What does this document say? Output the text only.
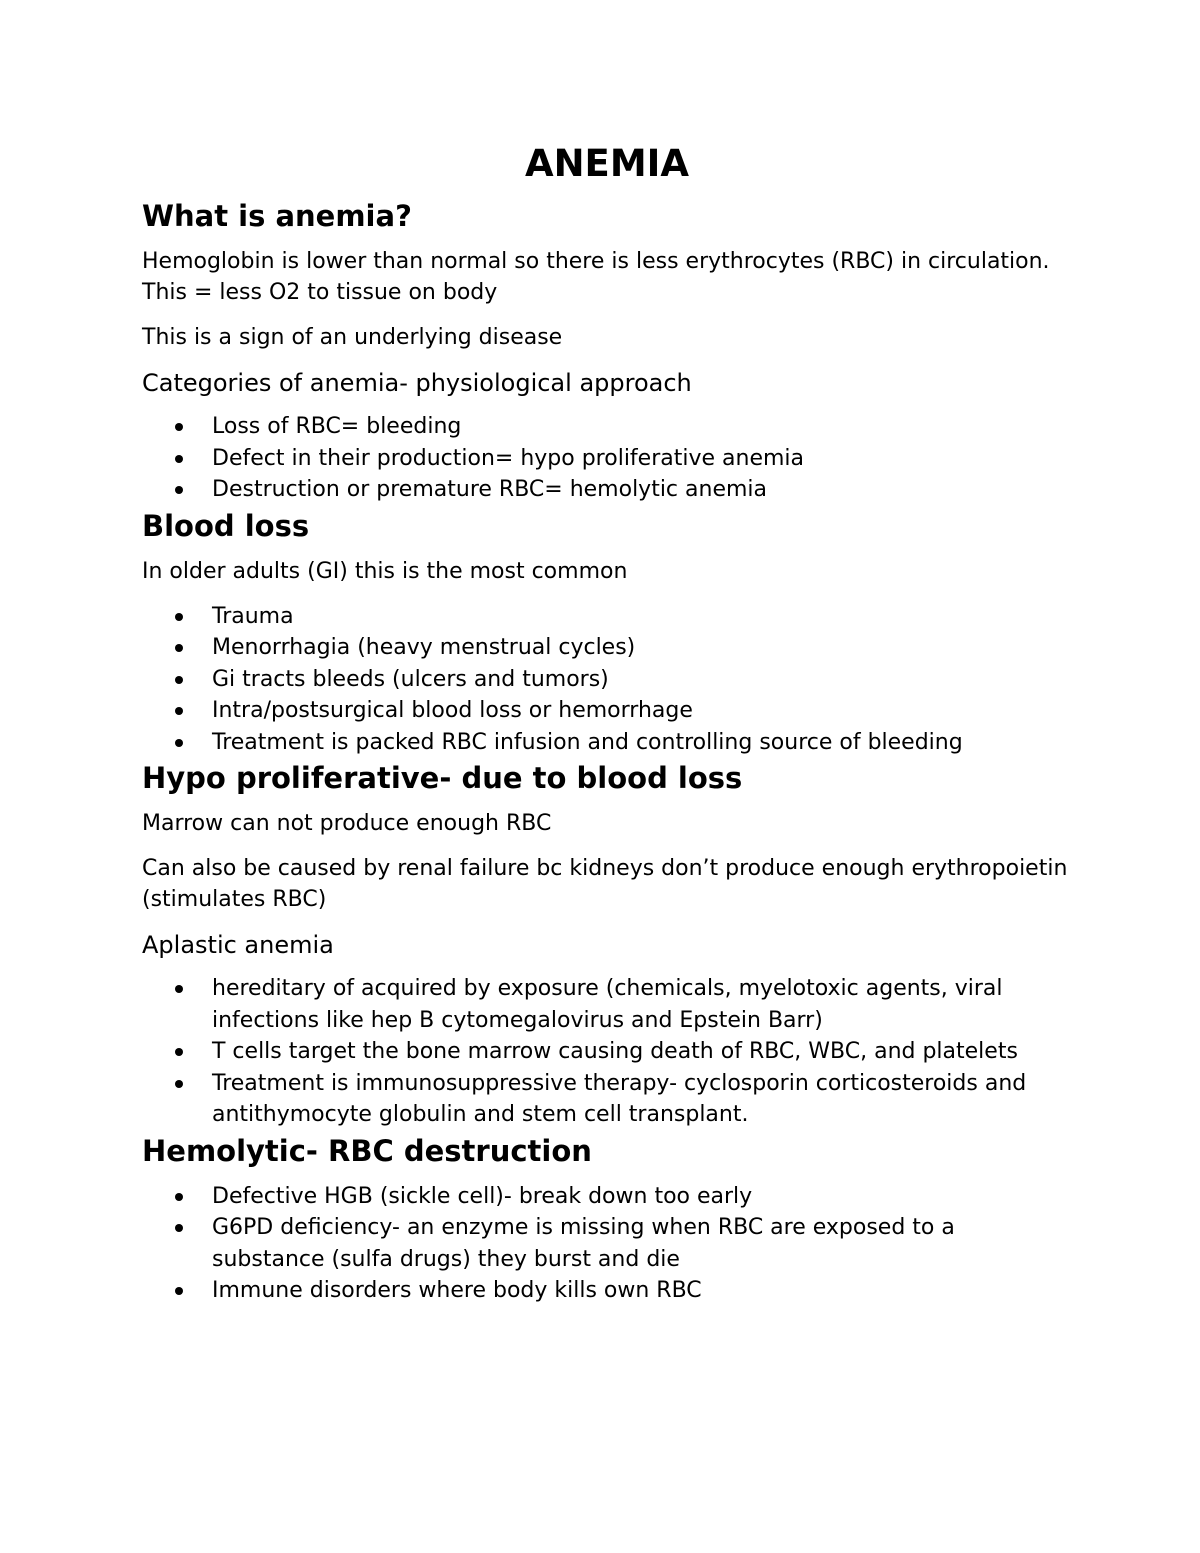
ANEMIA
What is anemia?

Hemoglobin is lower than normal so there is less erythrocytes (RBC) in circulation. This = less O2 to tissue on body

This is a sign of an underlying disease

Categories of anemia- physiological approach
Loss of RBC= bleeding
Defect in their production= hypo proliferative anemia
Destruction or premature RBC= hemolytic anemia
Blood loss

In older adults (GI) this is the most common

Trauma
Menorrhagia (heavy menstrual cycles)
Gi tracts bleeds (ulcers and tumors)
Intra/postsurgical blood loss or hemorrhage
Treatment is packed RBC infusion and controlling source of bleeding
Hypo proliferative- due to blood loss

Marrow can not produce enough RBC

Can also be caused by renal failure bc kidneys don’t produce enough erythropoietin (stimulates RBC)

Aplastic anemia
hereditary of acquired by exposure (chemicals, myelotoxic agents, viral infections like hep B cytomegalovirus and Epstein Barr)
T cells target the bone marrow causing death of RBC, WBC, and platelets
Treatment is immunosuppressive therapy- cyclosporin corticosteroids and antithymocyte globulin and stem cell transplant.
Hemolytic- RBC destruction
Defective HGB (sickle cell)- break down too early
G6PD deficiency- an enzyme is missing when RBC are exposed to a substance (sulfa drugs) they burst and die
Immune disorders where body kills own RBC
